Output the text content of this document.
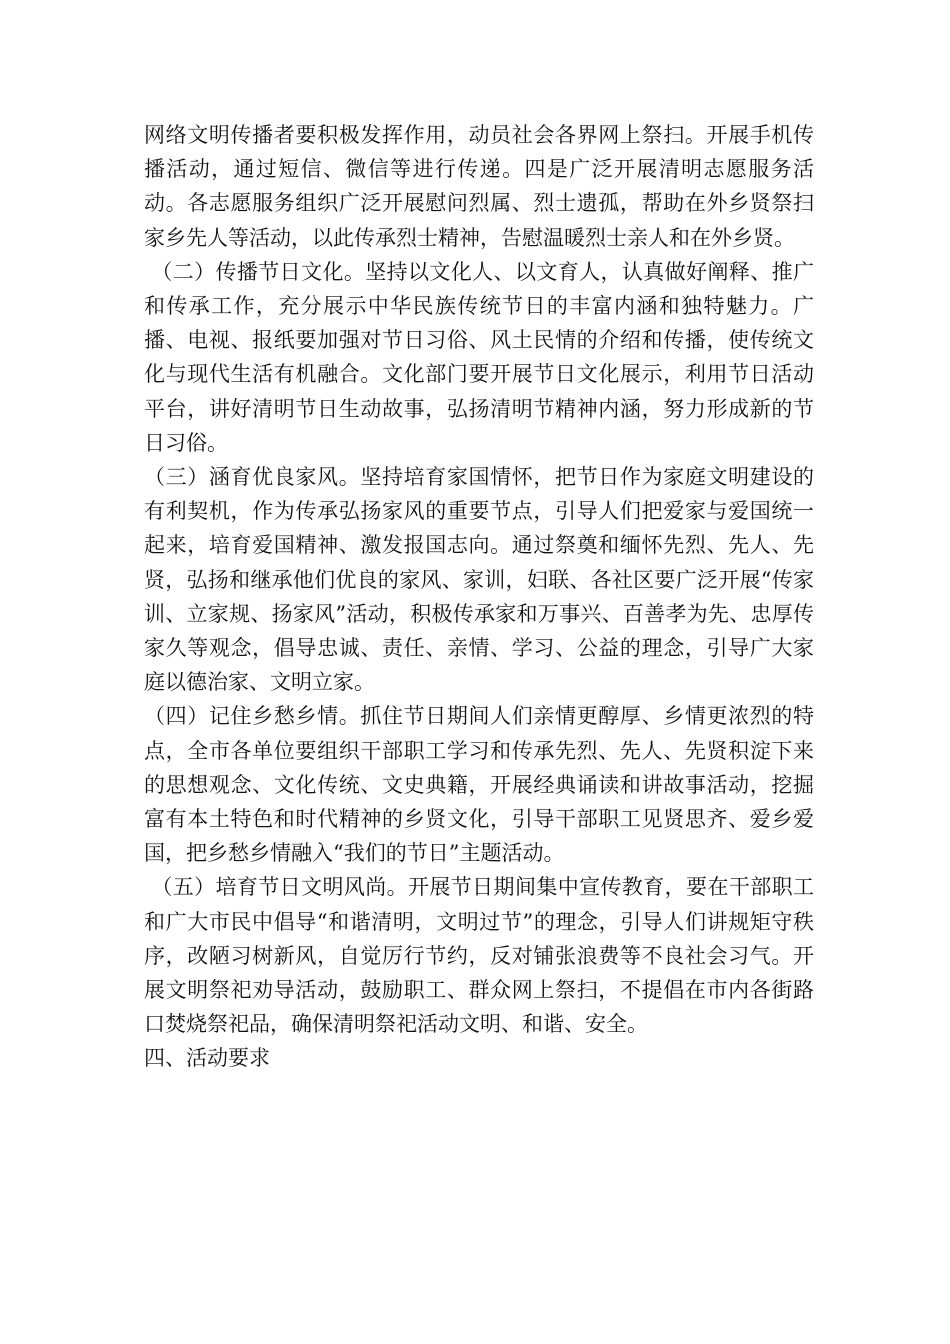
网络文明传播者要积极发挥作用，动员社会各界网上祭扫。开展手机传播活动，通过短信、微信等进行传递。四是广泛开展清明志愿服务活动。各志愿服务组织广泛开展慰问烈属、烈士遗孤，帮助在外乡贤祭扫家乡先人等活动，以此传承烈士精神，告慰温暖烈士亲人和在外乡贤。

（二）传播节日文化。坚持以文化人、以文育人，认真做好阐释、推广和传承工作，充分展示中华民族传统节日的丰富内涵和独特魅力。广播、电视、报纸要加强对节日习俗、风土民情的介绍和传播，使传统文化与现代生活有机融合。文化部门要开展节日文化展示，利用节日活动平台，讲好清明节日生动故事，弘扬清明节精神内涵，努力形成新的节日习俗。

（三）涵育优良家风。坚持培育家国情怀，把节日作为家庭文明建设的有利契机，作为传承弘扬家风的重要节点，引导人们把爱家与爱国统一起来，培育爱国精神、激发报国志向。通过祭奠和缅怀先烈、先人、先贤，弘扬和继承他们优良的家风、家训，妇联、各社区要广泛开展“传家训、立家规、扬家风”活动，积极传承家和万事兴、百善孝为先、忠厚传家久等观念，倡导忠诚、责任、亲情、学习、公益的理念，引导广大家庭以德治家、文明立家。

（四）记住乡愁乡情。抓住节日期间人们亲情更醇厚、乡情更浓烈的特点，全市各单位要组织干部职工学习和传承先烈、先人、先贤积淀下来的思想观念、文化传统、文史典籍，开展经典诵读和讲故事活动，挖掘富有本土特色和时代精神的乡贤文化，引导干部职工见贤思齐、爱乡爱国，把乡愁乡情融入“我们的节日”主题活动。

（五）培育节日文明风尚。开展节日期间集中宣传教育，要在干部职工和广大市民中倡导“和谐清明，文明过节”的理念，引导人们讲规矩守秩序，改陋习树新风，自觉厉行节约，反对铺张浪费等不良社会习气。开展文明祭祀劝导活动，鼓励职工、群众网上祭扫，不提倡在市内各街路口焚烧祭祀品，确保清明祭祀活动文明、和谐、安全。

四、活动要求
